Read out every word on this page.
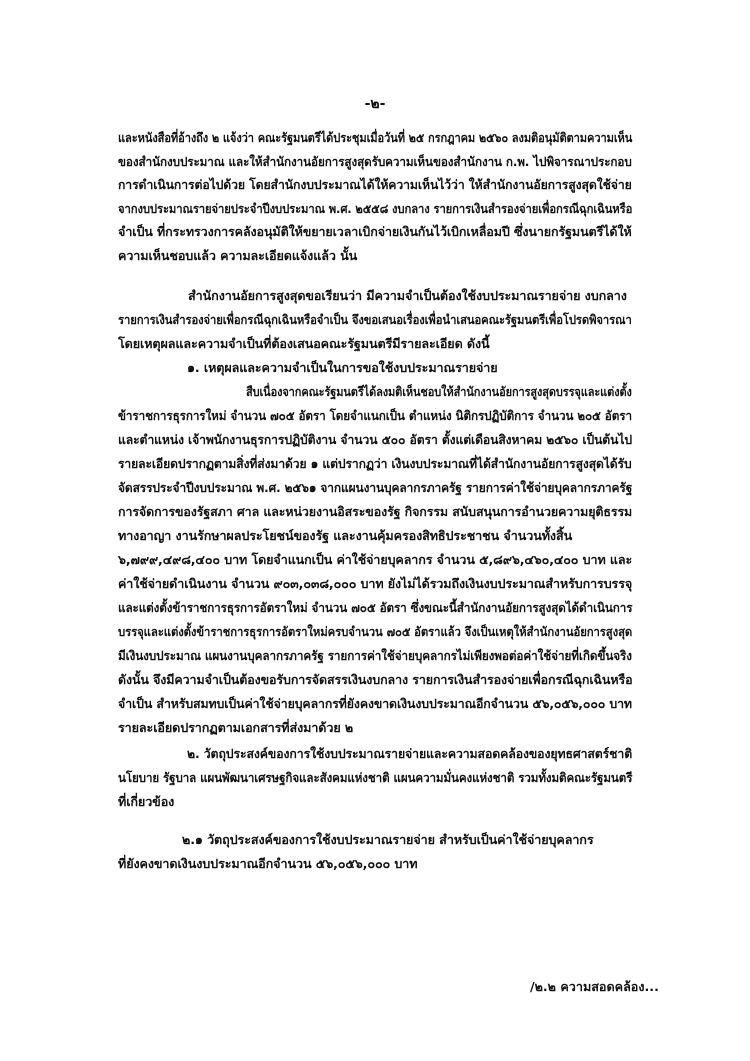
-๒-
และหนังสือที่อ้างถึง ๒ แจ้งว่า คณะรัฐมนตรีได้ประชุมเมื่อวันที่ ๒๕ กรกฎาคม ๒๕๖๐ ลงมติอนุมัติตามความเห็น
ของสำนักงบประมาณ และให้สำนักงานอัยการสูงสุดรับความเห็นของสำนักงาน ก.พ. ไปพิจารณาประกอบ
การดำเนินการต่อไปด้วย โดยสำนักงบประมาณได้ให้ความเห็นไว้ว่า ให้สำนักงานอัยการสูงสุดใช้จ่าย
จากงบประมาณรายจ่ายประจำปีงบประมาณ พ.ศ. ๒๕๕๘ งบกลาง รายการเงินสำรองจ่ายเพื่อกรณีฉุกเฉินหรือ
จำเป็น ที่กระทรวงการคลังอนุมัติให้ขยายเวลาเบิกจ่ายเงินกันไว้เบิกเหลื่อมปี ซึ่งนายกรัฐมนตรีได้ให้
ความเห็นชอบแล้ว ความละเอียดแจ้งแล้ว นั้น
สำนักงานอัยการสูงสุดขอเรียนว่า มีความจำเป็นต้องใช้งบประมาณรายจ่าย งบกลาง
รายการเงินสำรองจ่ายเพื่อกรณีฉุกเฉินหรือจำเป็น จึงขอเสนอเรื่องเพื่อนำเสนอคณะรัฐมนตรีเพื่อโปรดพิจารณา
โดยเหตุผลและความจำเป็นที่ต้องเสนอคณะรัฐมนตรีมีรายละเอียด ดังนี้
๑. เหตุผลและความจำเป็นในการขอใช้งบประมาณรายจ่าย
สืบเนื่องจากคณะรัฐมนตรีได้ลงมติเห็นชอบให้สำนักงานอัยการสูงสุดบรรจุและแต่งตั้ง
ข้าราชการธุรการใหม่ จำนวน ๗๐๕ อัตรา โดยจำแนกเป็น ตำแหน่ง นิติกรปฏิบัติการ จำนวน ๒๐๕ อัตรา
และตำแหน่ง เจ้าพนักงานธุรการปฏิบัติงาน จำนวน ๕๐๐ อัตรา ตั้งแต่เดือนสิงหาคม ๒๕๖๐ เป็นต้นไป
รายละเอียดปรากฏตามสิ่งที่ส่งมาด้วย ๑ แต่ปรากฏว่า เงินงบประมาณที่ได้สำนักงานอัยการสูงสุดได้รับ
จัดสรรประจำปีงบประมาณ พ.ศ. ๒๕๖๑ จากแผนงานบุคลากรภาครัฐ รายการค่าใช้จ่ายบุคลากรภาครัฐ
การจัดการของรัฐสภา ศาล และหน่วยงานอิสระของรัฐ กิจกรรม สนับสนุนการอำนวยความยุติธรรม
ทางอาญา งานรักษาผลประโยชน์ของรัฐ และงานคุ้มครองสิทธิประชาชน จำนวนทั้งสิ้น
๖,๗๙๙,๔๙๘,๔๐๐ บาท โดยจำแนกเป็น ค่าใช้จ่ายบุคลากร จำนวน ๕,๘๙๖,๔๖๐,๔๐๐ บาท และ
ค่าใช้จ่ายดำเนินงาน จำนวน ๙๐๓,๐๓๘,๐๐๐ บาท ยังไม่ได้รวมถึงเงินงบประมาณสำหรับการบรรจุ
และแต่งตั้งข้าราชการธุรการอัตราใหม่ จำนวน ๗๐๕ อัตรา ซึ่งขณะนี้สำนักงานอัยการสูงสุดได้ดำเนินการ
บรรจุและแต่งตั้งข้าราชการธุรการอัตราใหม่ครบจำนวน ๗๐๕ อัตราแล้ว จึงเป็นเหตุให้สำนักงานอัยการสูงสุด
มีเงินงบประมาณ แผนงานบุคลากรภาครัฐ รายการค่าใช้จ่ายบุคลากรไม่เพียงพอต่อค่าใช้จ่ายที่เกิดขึ้นจริง
ดังนั้น จึงมีความจำเป็นต้องขอรับการจัดสรรเงินงบกลาง รายการเงินสำรองจ่ายเพื่อกรณีฉุกเฉินหรือ
จำเป็น สำหรับสมทบเป็นค่าใช้จ่ายบุคลากรที่ยังคงขาดเงินงบประมาณอีกจำนวน ๕๖,๐๕๖,๐๐๐ บาท
รายละเอียดปรากฏตามเอกสารที่ส่งมาด้วย ๒
๒. วัตถุประสงค์ของการใช้งบประมาณรายจ่ายและความสอดคล้องของยุทธศาสตร์ชาติ
นโยบาย รัฐบาล แผนพัฒนาเศรษฐกิจและสังคมแห่งชาติ แผนความมั่นคงแห่งชาติ รวมทั้งมติคณะรัฐมนตรี
ที่เกี่ยวข้อง
๒.๑ วัตถุประสงค์ของการใช้งบประมาณรายจ่าย สำหรับเป็นค่าใช้จ่ายบุคลากร
ที่ยังคงขาดเงินงบประมาณอีกจำนวน ๕๖,๐๕๖,๐๐๐ บาท
/๒.๒ ความสอดคล้อง...
